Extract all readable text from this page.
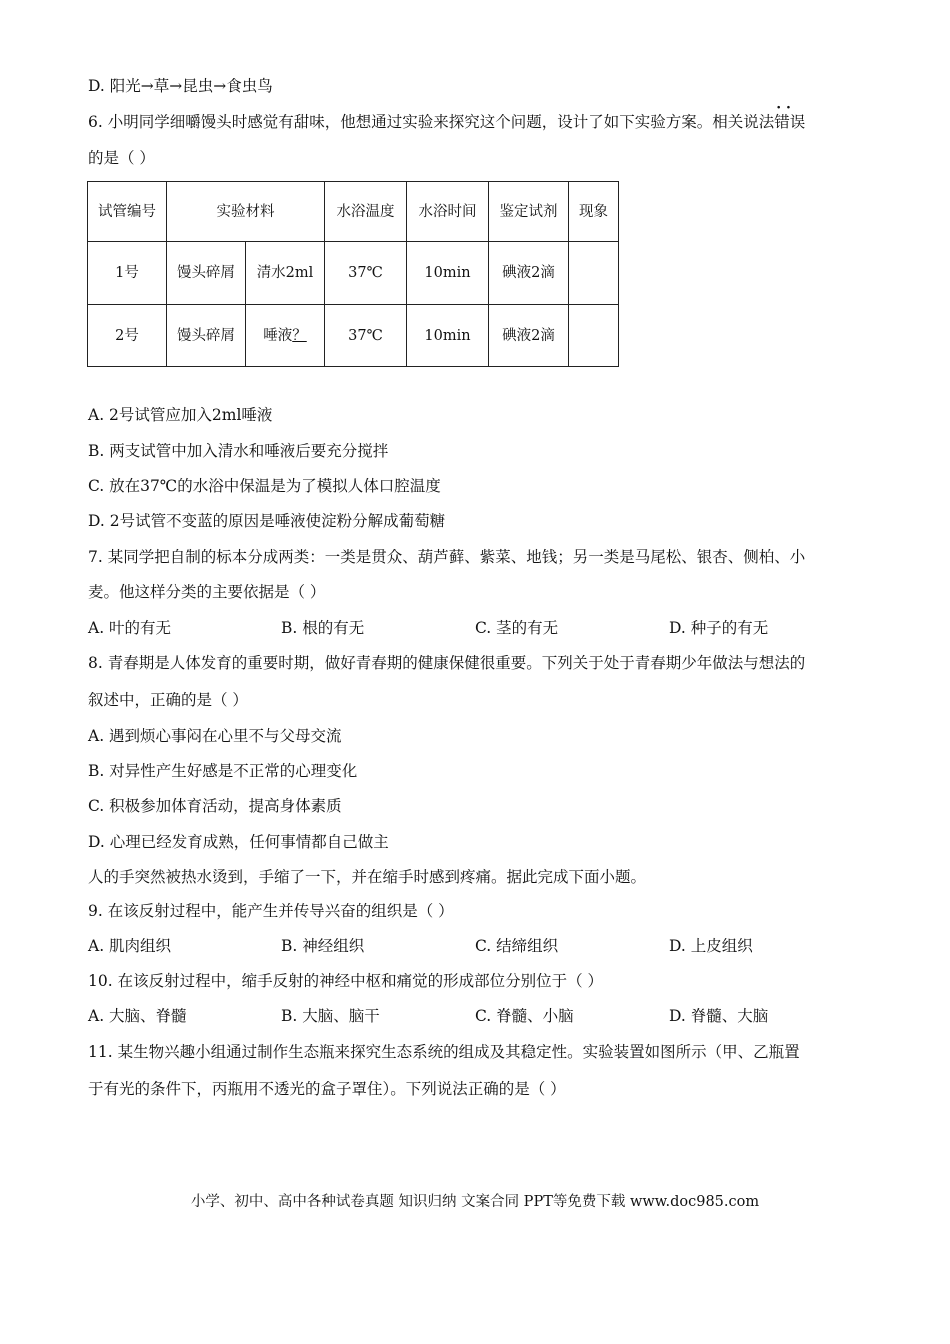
D. 阳光→草→昆虫→食虫鸟
6. 小明同学细嚼馒头时感觉有甜味，他想通过实验来探究这个问题，设计了如下实验方案。相关说法· · 错误
的是（ ）
试管编号	实验材料		水浴温度	水浴时间	鉴定试剂	现象
1号	馒头碎屑	清水2ml	37℃	10min	碘液2滴	
2号	馒头碎屑	唾液？	37℃	10min	碘液2滴	
A. 2号试管应加入2ml唾液
B. 两支试管中加入清水和唾液后要充分搅拌
C. 放在37℃的水浴中保温是为了模拟人体口腔温度
D. 2号试管不变蓝的原因是唾液使淀粉分解成葡萄糖
7. 某同学把自制的标本分成两类：一类是贯众、葫芦藓、紫菜、地钱；另一类是马尾松、银杏、侧柏、小
麦。他这样分类的主要依据是（ ）
A. 叶的有无	B. 根的有无	C. 茎的有无	D. 种子的有无
8. 青春期是人体发育的重要时期，做好青春期的健康保健很重要。下列关于处于青春期少年做法与想法的
叙述中，正确的是（ ）
A. 遇到烦心事闷在心里不与父母交流
B. 对异性产生好感是不正常的心理变化
C. 积极参加体育活动，提高身体素质
D. 心理已经发育成熟，任何事情都自己做主
人的手突然被热水烫到，手缩了一下，并在缩手时感到疼痛。据此完成下面小题。
9. 在该反射过程中，能产生并传导兴奋的组织是（ ）
A. 肌肉组织	B. 神经组织	C. 结缔组织	D. 上皮组织
10. 在该反射过程中，缩手反射的神经中枢和痛觉的形成部位分别位于（ ）
A. 大脑、脊髓	B. 大脑、脑干	C. 脊髓、小脑	D. 脊髓、大脑
11. 某生物兴趣小组通过制作生态瓶来探究生态系统的组成及其稳定性。实验装置如图所示（甲、乙瓶置
于有光的条件下，丙瓶用不透光的盒子罩住）。下列说法正确的是（ ）
小学、初中、高中各种试卷真题 知识归纳 文案合同 PPT等免费下载 www.doc985.com
